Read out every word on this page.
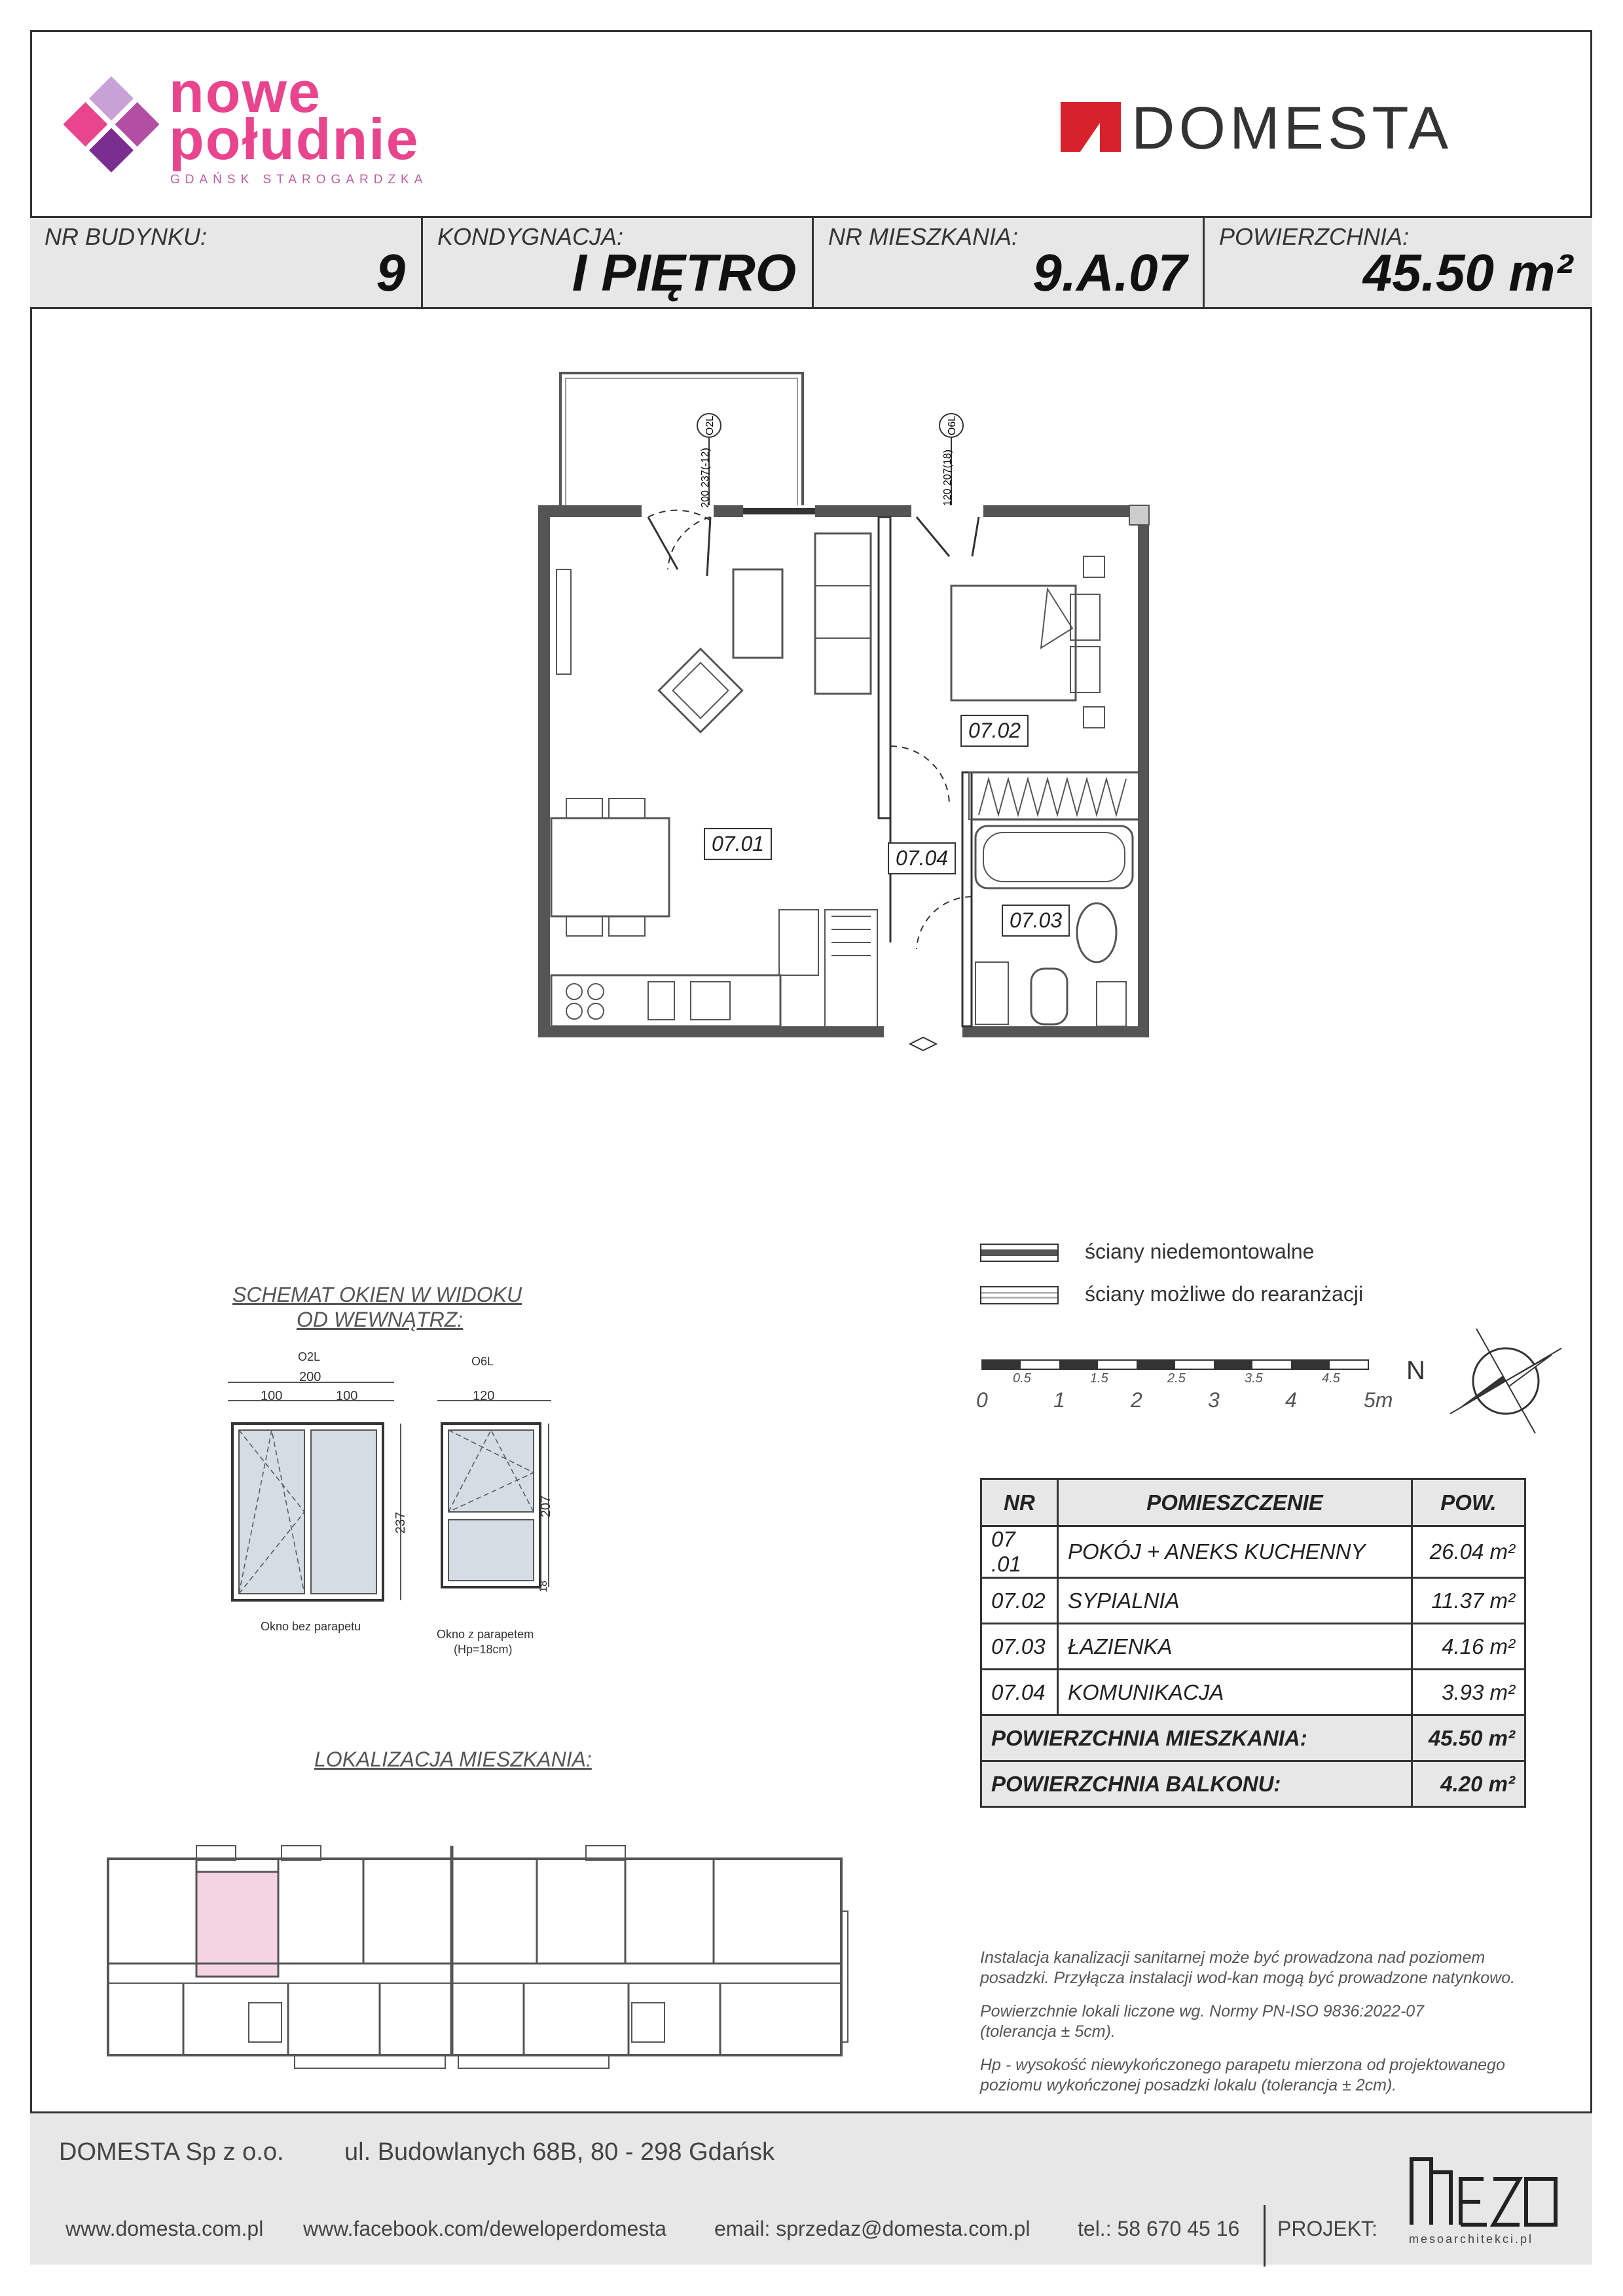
nowe
południe
GDAŃSK STAROGARDZKA
DOMESTA
NR BUDYNKU:
9
KONDYGNACJA:
I PIĘTRO
NR MIESZKANIA:
9.A.07
POWIERZCHNIA:
45.50 m²
O2L	O6L
200 237(-12)	120 207(18)
07.01
07.02
07.03
07.04
ściany niedemontowalne
ściany możliwe do rearanżacji
0.5	1.5	2.5	3.5	4.5
0	1	2	3	4	5m
N
SCHEMAT OKIEN W WIDOKU
OD WEWNĄTRZ:
O2L
200
100	100
237
Okno bez parapetu
O6L
120
207
18
Okno z parapetem
(Hp=18cm)
LOKALIZACJA MIESZKANIA:
NR	POMIESZCZENIE	POW.
07 .01	POKÓJ + ANEKS KUCHENNY	26.04 m²
07.02	SYPIALNIA	11.37 m²
07.03	ŁAZIENKA	4.16 m²
07.04	KOMUNIKACJA	3.93 m²
POWIERZCHNIA MIESZKANIA:		45.50 m²
POWIERZCHNIA BALKONU:		4.20 m²
Instalacja kanalizacji sanitarnej może być prowadzona nad poziomem
posadzki. Przyłącza instalacji wod-kan mogą być prowadzone natynkowo.
Powierzchnie lokali liczone wg. Normy PN-ISO 9836:2022-07
(tolerancja ± 5cm).
Hp - wysokość niewykończonego parapetu mierzona od projektowanego
poziomu wykończonej posadzki lokalu (tolerancja ± 2cm).
DOMESTA Sp z o.o. ul. Budowlanych 68B, 80 - 298 Gdańsk
www.domesta.com.pl www.facebook.com/deweloperdomesta email: sprzedaz@domesta.com.pl tel.: 58 670 45 16 PROJEKT:	mesoarchitekci.pl
